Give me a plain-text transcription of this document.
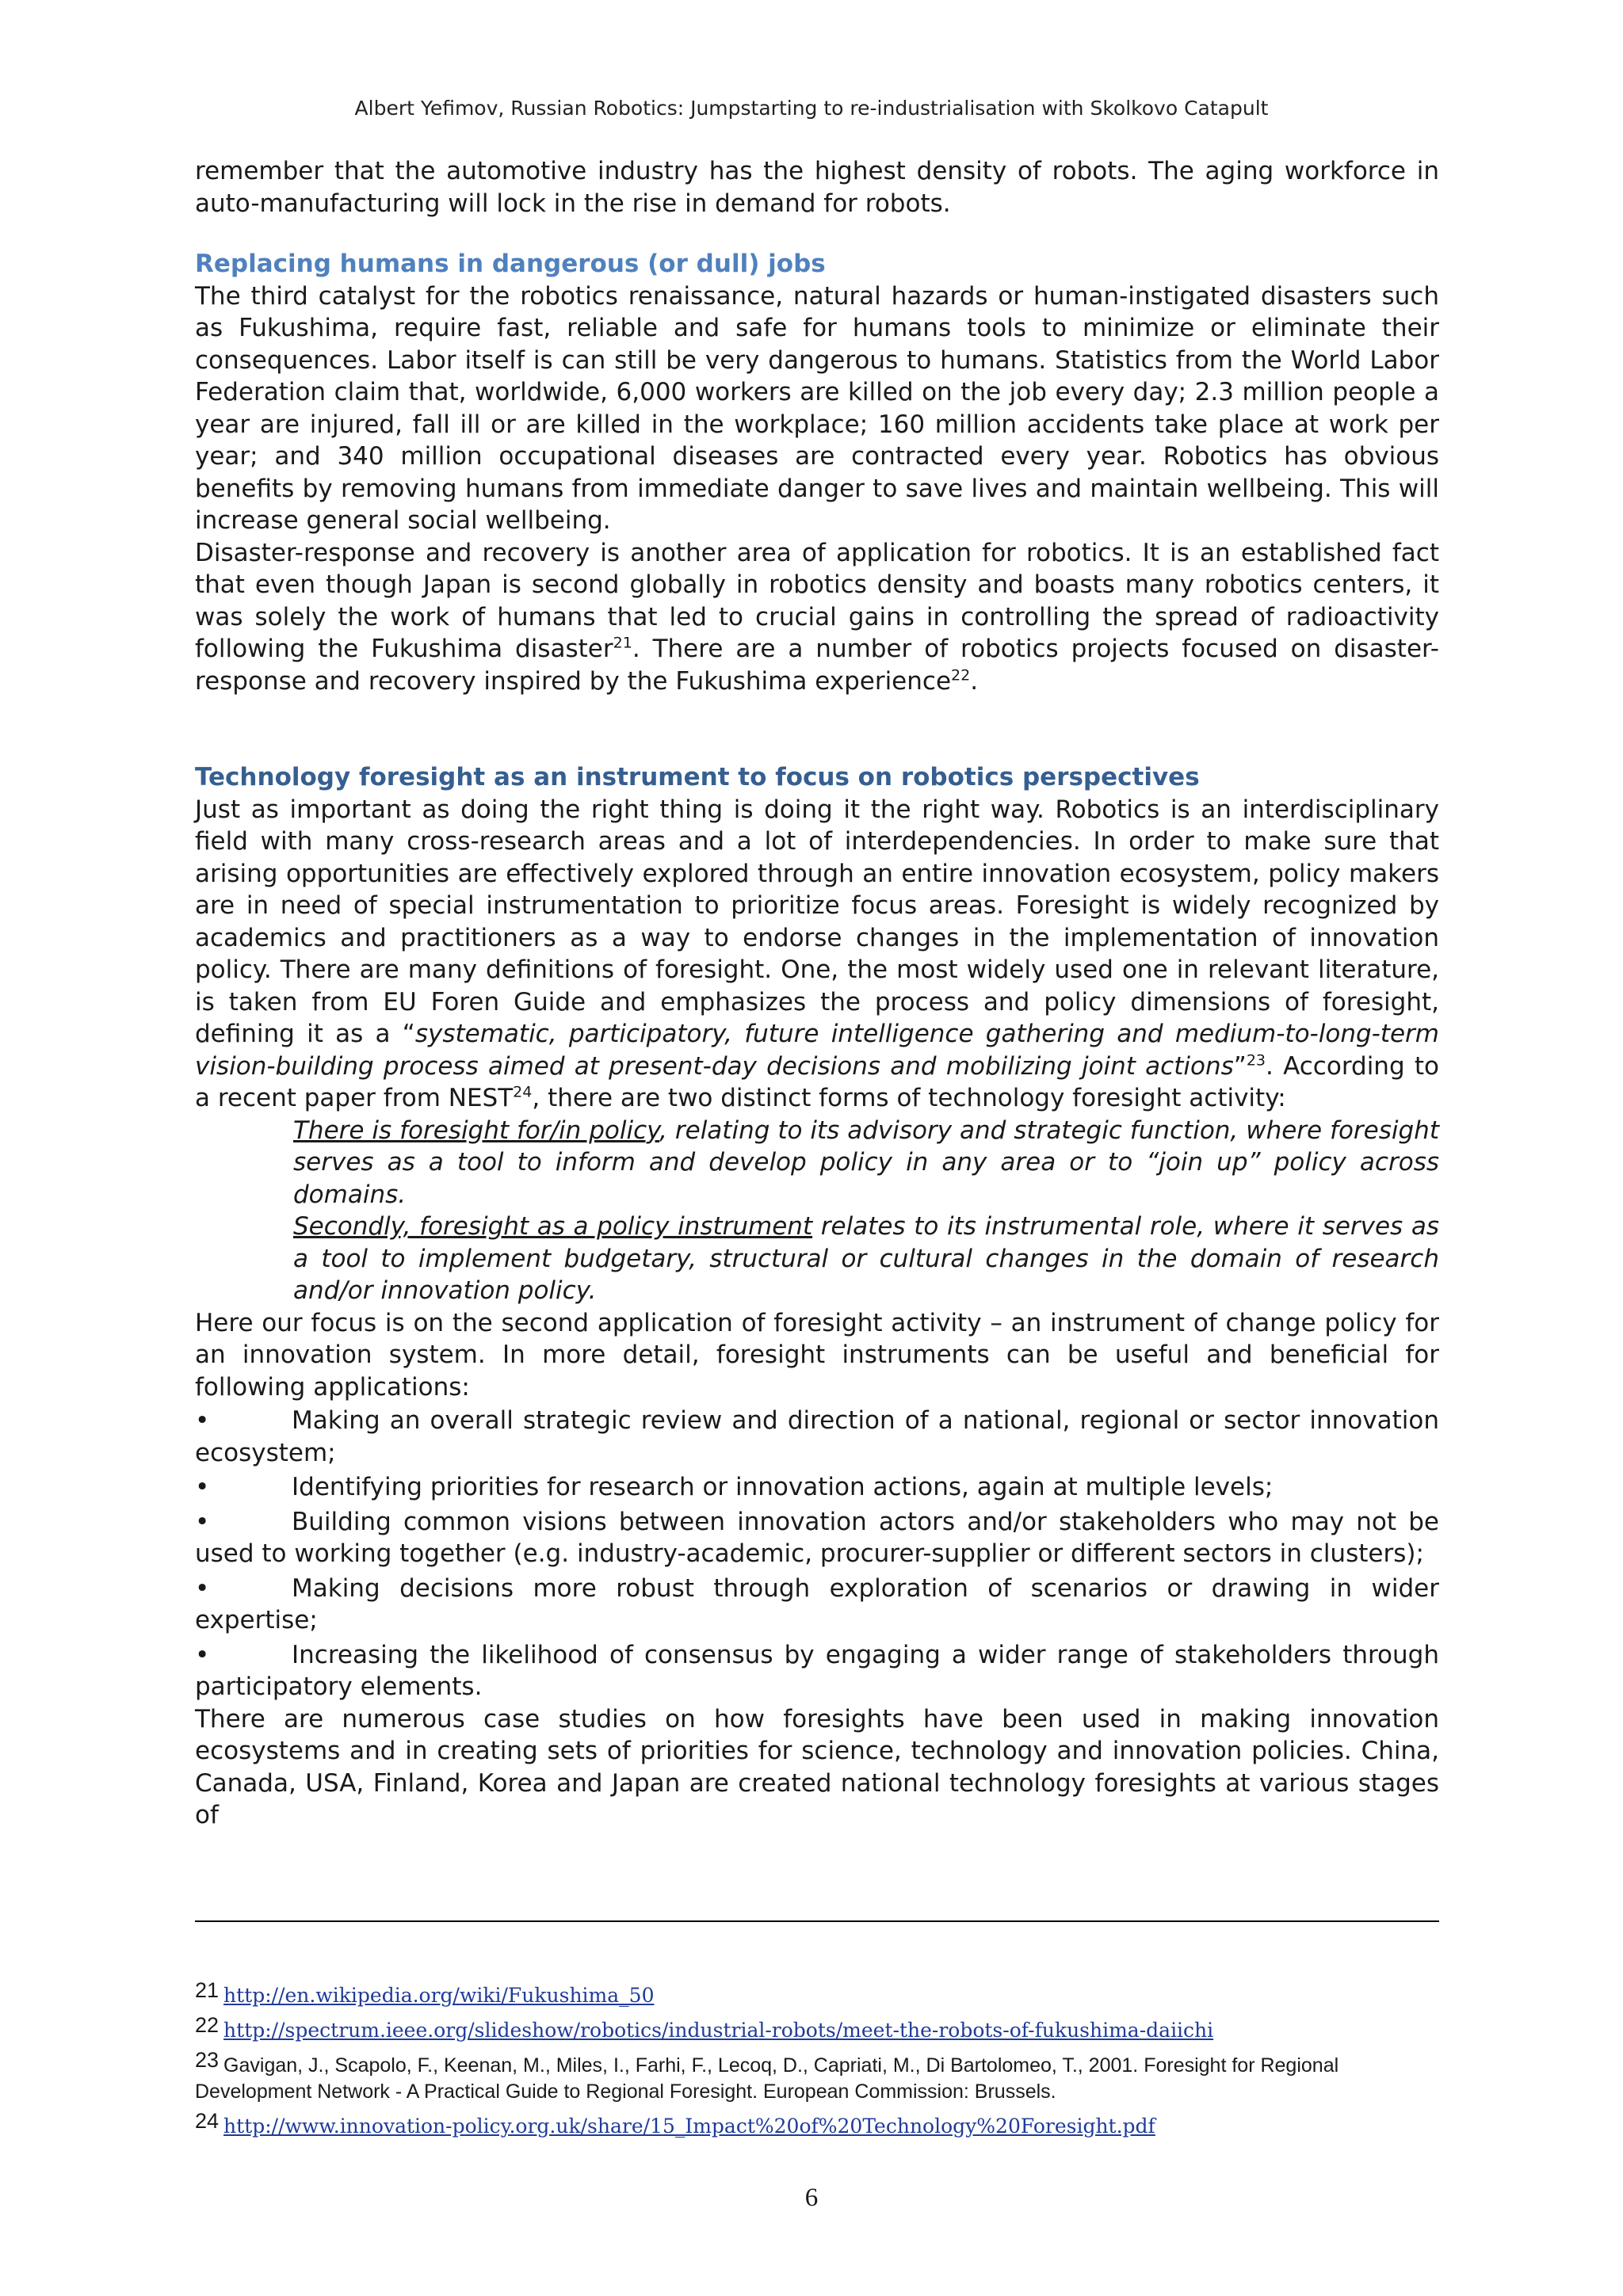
Albert Yefimov, Russian Robotics: Jumpstarting to re-industrialisation with Skolkovo Catapult

remember that the automotive industry has the highest density of robots. The aging workforce in auto-manufacturing will lock in the rise in demand for robots.

Replacing humans in dangerous (or dull) jobs

The third catalyst for the robotics renaissance, natural hazards or human-instigated disasters such as Fukushima, require fast, reliable and safe for humans tools to minimize or eliminate their consequences. Labor itself is can still be very dangerous to humans. Statistics from the World Labor Federation claim that, worldwide, 6,000 workers are killed on the job every day; 2.3 million people a year are injured, fall ill or are killed in the workplace; 160 million accidents take place at work per year; and 340 million occupational diseases are contracted every year. Robotics has obvious benefits by removing humans from immediate danger to save lives and maintain wellbeing. This will increase general social wellbeing.

Disaster-response and recovery is another area of application for robotics. It is an established fact that even though Japan is second globally in robotics density and boasts many robotics centers, it was solely the work of humans that led to crucial gains in controlling the spread of radioactivity following the Fukushima disaster$^{21}$. There are a number of robotics projects focused on disaster-response and recovery inspired by the Fukushima experience$^{22}$.

Technology foresight as an instrument to focus on robotics perspectives

Just as important as doing the right thing is doing it the right way. Robotics is an interdisciplinary field with many cross-research areas and a lot of interdependencies. In order to make sure that arising opportunities are effectively explored through an entire innovation ecosystem, policy makers are in need of special instrumentation to prioritize focus areas. Foresight is widely recognized by academics and practitioners as a way to endorse changes in the implementation of innovation policy. There are many definitions of foresight. One, the most widely used one in relevant literature, is taken from EU Foren Guide and emphasizes the process and policy dimensions of foresight, defining it as a “systematic, participatory, future intelligence gathering and medium-to-long-term vision-building process aimed at present-day decisions and mobilizing joint actions”$^{23}$. According to a recent paper from NEST$^{24}$, there are two distinct forms of technology foresight activity:

There is foresight for/in policy, relating to its advisory and strategic function, where foresight serves as a tool to inform and develop policy in any area or to “join up” policy across domains.

Secondly, foresight as a policy instrument relates to its instrumental role, where it serves as a tool to implement budgetary, structural or cultural changes in the domain of research and/or innovation policy.

Here our focus is on the second application of foresight activity – an instrument of change policy for an innovation system. In more detail, foresight instruments can be useful and beneficial for following applications:

•	Making an overall strategic review and direction of a national, regional or sector innovation ecosystem;

•	Identifying priorities for research or innovation actions, again at multiple levels;

•	Building common visions between innovation actors and/or stakeholders who may not be used to working together (e.g. industry-academic, procurer-supplier or different sectors in clusters);

•	Making decisions more robust through exploration of scenarios or drawing in wider expertise;

•	Increasing the likelihood of consensus by engaging a wider range of stakeholders through participatory elements.

There are numerous case studies on how foresights have been used in making innovation ecosystems and in creating sets of priorities for science, technology and innovation policies. China, Canada, USA, Finland, Korea and Japan are created national technology foresights at various stages of

21 http://en.wikipedia.org/wiki/Fukushima_50
22 http://spectrum.ieee.org/slideshow/robotics/industrial-robots/meet-the-robots-of-fukushima-daiichi
23 Gavigan, J., Scapolo, F., Keenan, M., Miles, I., Farhi, F., Lecoq, D., Capriati, M., Di Bartolomeo, T., 2001. Foresight for Regional Development Network - A Practical Guide to Regional Foresight. European Commission: Brussels.
24 http://www.innovation-policy.org.uk/share/15_Impact%20of%20Technology%20Foresight.pdf
6
